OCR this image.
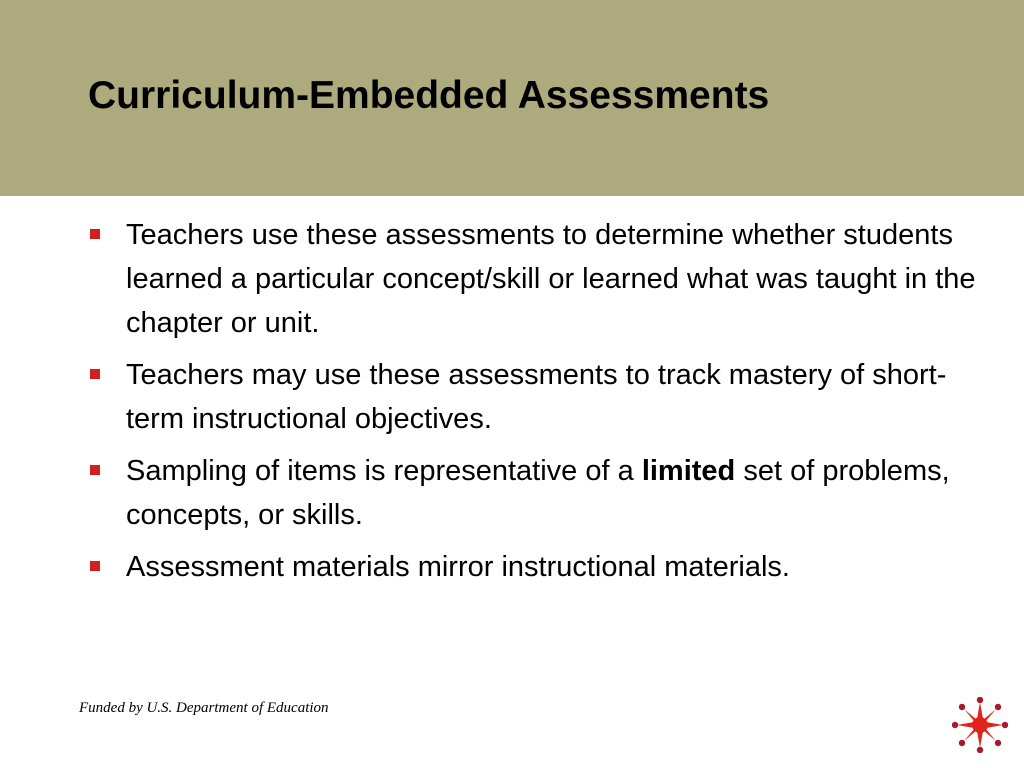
Curriculum-Embedded Assessments
Teachers use these assessments to determine whether students learned a particular concept/skill or learned what was taught in the chapter or unit.
Teachers may use these assessments to track mastery of short-term instructional objectives.
Sampling of items is representative of a limited set of problems, concepts, or skills.
Assessment materials mirror instructional materials.
Funded by U.S. Department of Education
